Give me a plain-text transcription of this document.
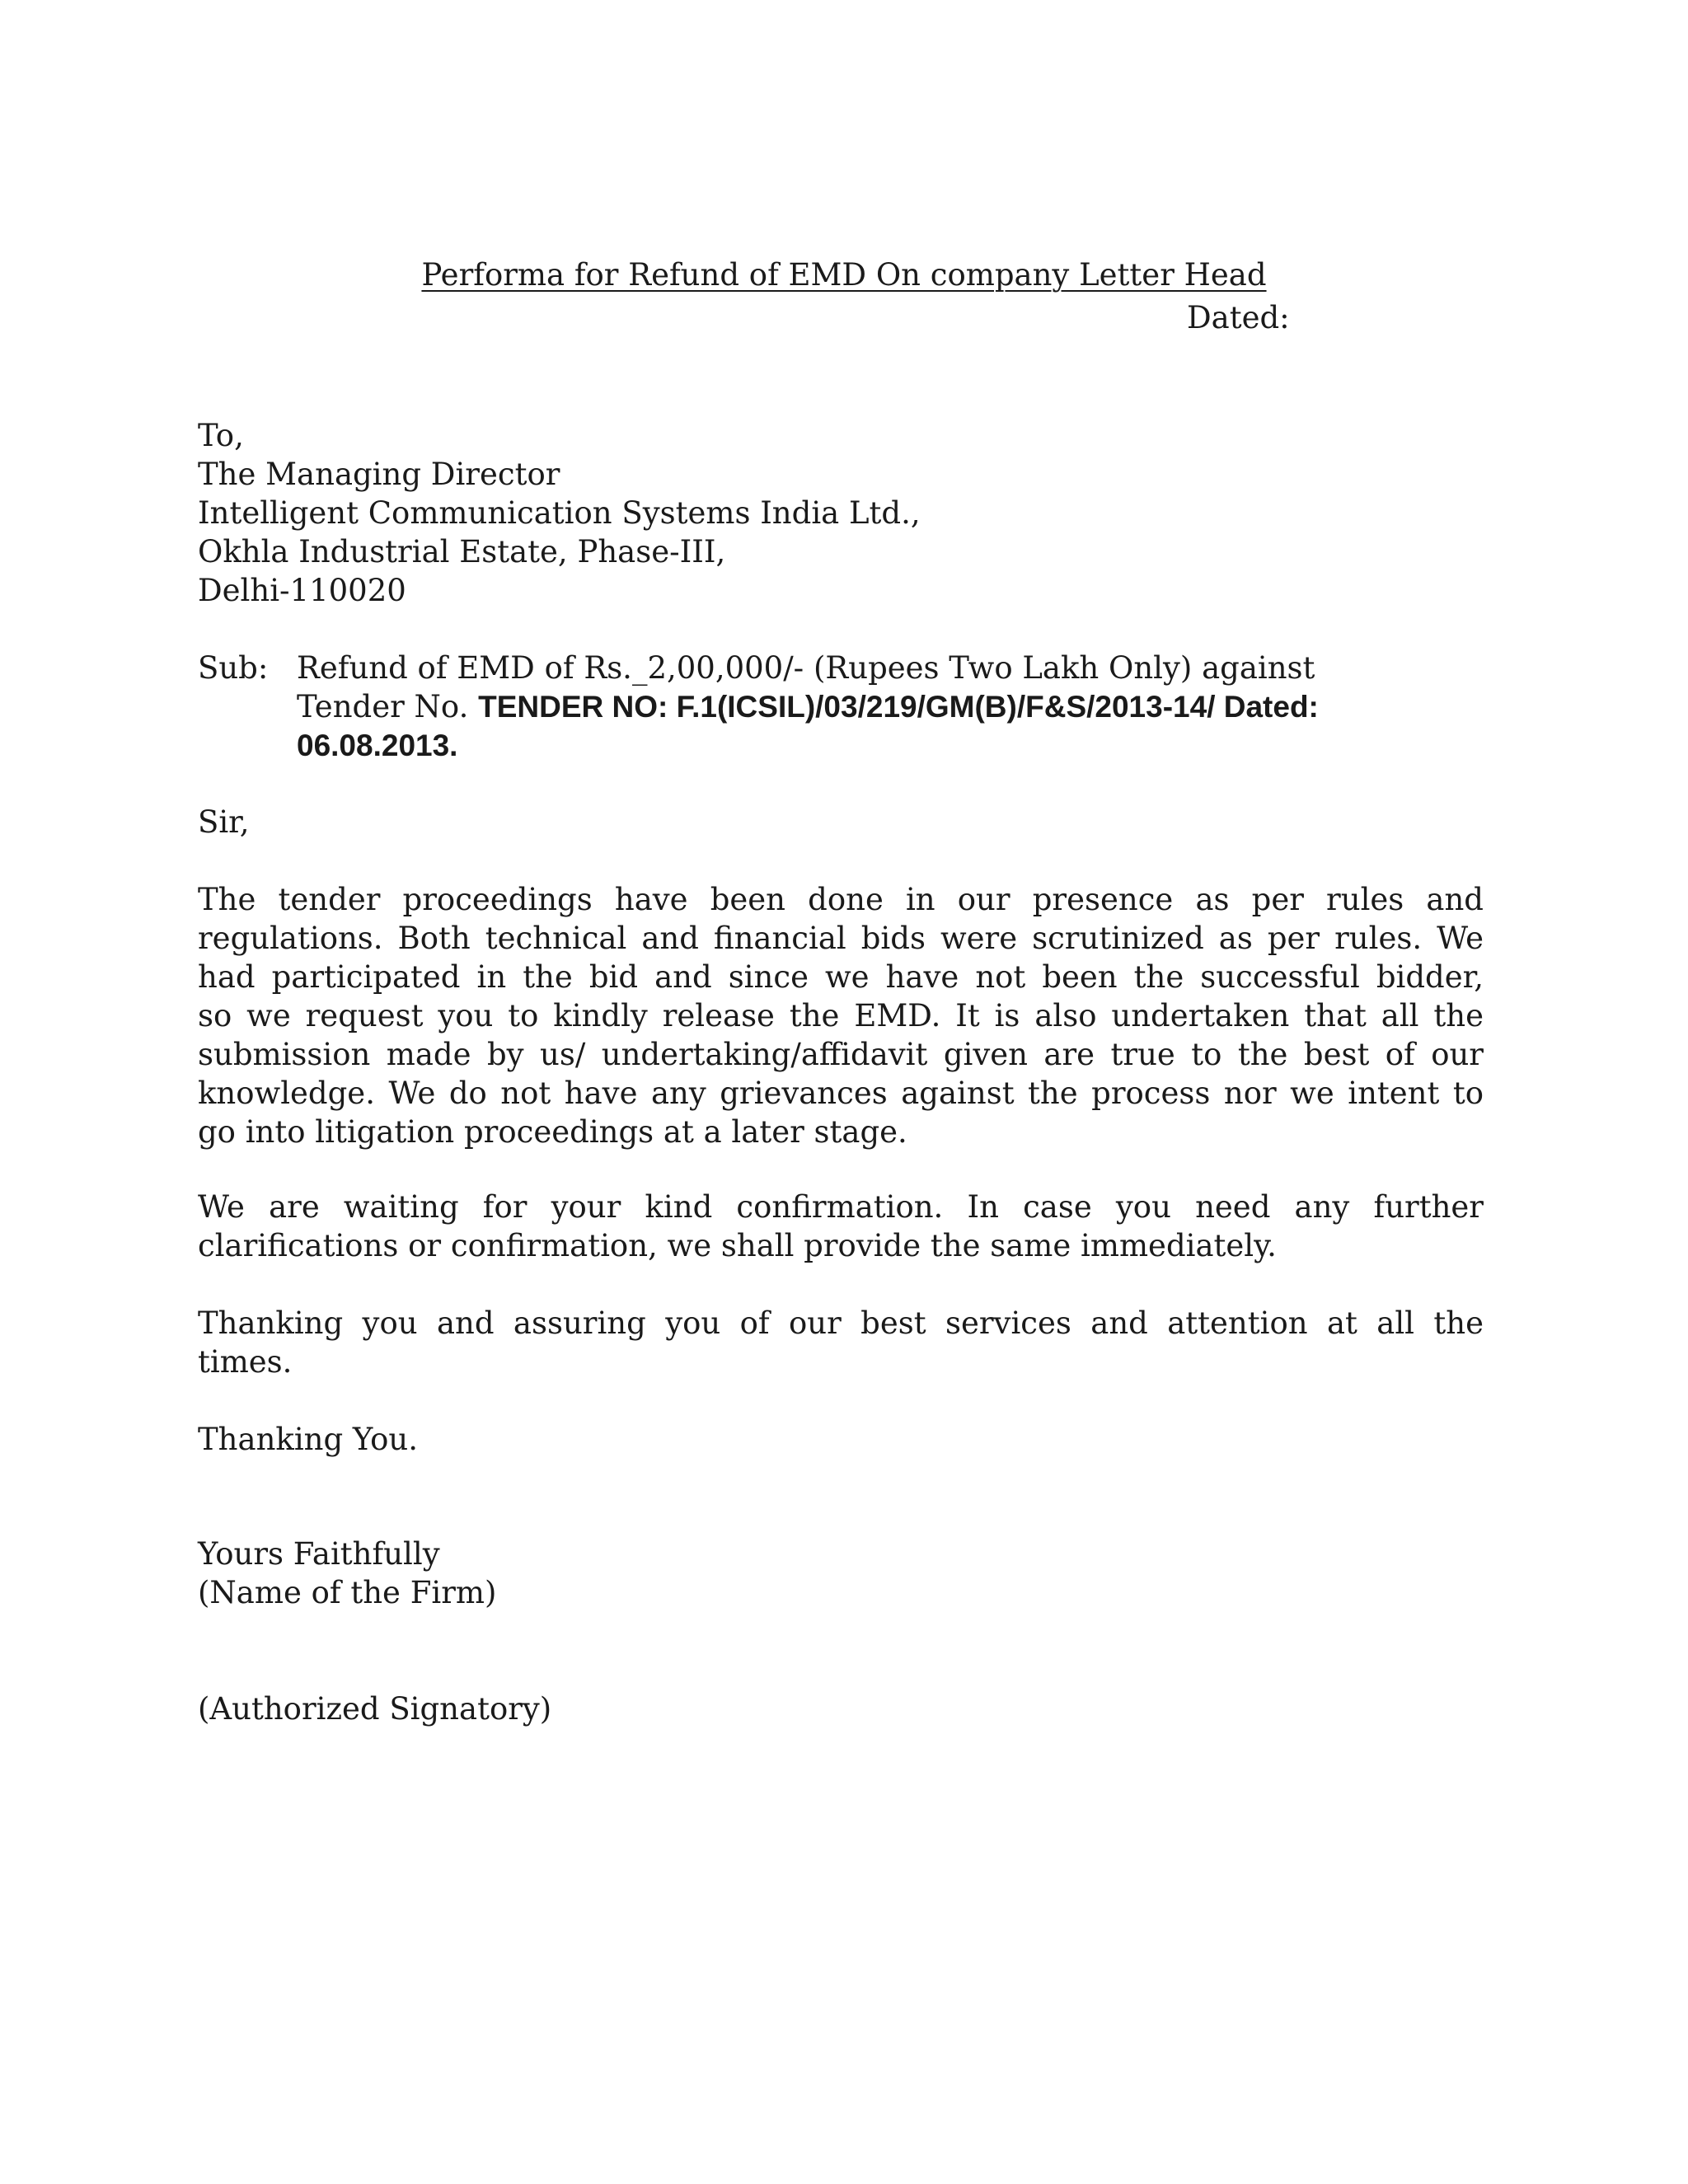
Performa for Refund of EMD On company Letter Head
Dated:
To,
The Managing Director
Intelligent Communication Systems India Ltd.,
Okhla Industrial Estate, Phase-III,
Delhi-110020
Sub: Refund of EMD of Rs._2,00,000/- (Rupees Two Lakh Only) against
Tender No. TENDER NO: F.1(ICSIL)/03/219/GM(B)/F&S/2013-14/ Dated:
06.08.2013.
Sir,
The tender proceedings have been done in our presence as per rules and
regulations. Both technical and financial bids were scrutinized as per rules. We
had participated in the bid and since we have not been the successful bidder,
so we request you to kindly release the EMD. It is also undertaken that all the
submission made by us/ undertaking/affidavit given are true to the best of our
knowledge. We do not have any grievances against the process nor we intent to
go into litigation proceedings at a later stage.
We are waiting for your kind confirmation. In case you need any further
clarifications or confirmation, we shall provide the same immediately.
Thanking you and assuring you of our best services and attention at all the
times.
Thanking You.
Yours Faithfully
(Name of the Firm)
(Authorized Signatory)
